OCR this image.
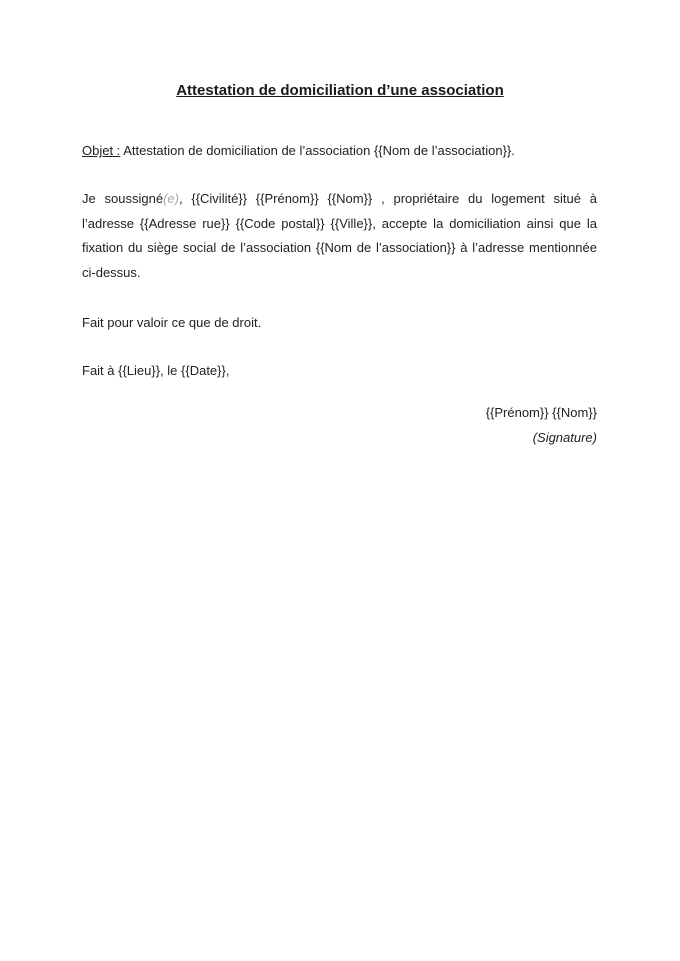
Attestation de domiciliation d’une association
Objet : Attestation de domiciliation de l’association {{Nom de l’association}}.
Je soussigné(e), {{Civilité}} {{Prénom}} {{Nom}} , propriétaire du logement situé à l’adresse {{Adresse rue}} {{Code postal}} {{Ville}}, accepte la domiciliation ainsi que la fixation du siège social de l’association {{Nom de l’association}} à l’adresse mentionnée ci-dessus.
Fait pour valoir ce que de droit.
Fait à {{Lieu}}, le {{Date}},
{{Prénom}} {{Nom}}
(Signature)
